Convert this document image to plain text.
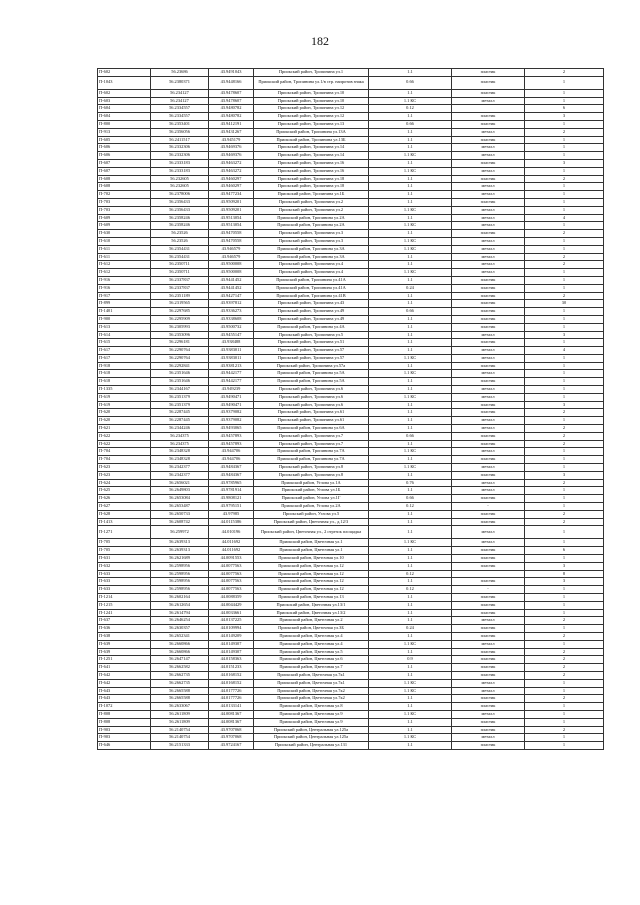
182
П-602	56.23686	43.9491043	Приокский район, Тропинина ул.1	1.1	пластик	2
П-1043	56.2380371	43.9448166	Приокский район, Тропинина ул.1/в стр. напротив знака	0.66	пластик	1
П-602	56.234127	43.9478607	Приокский район, Тропинина ул.10	1.1	пластик	1
П-603	56.234127	43.9478607	Приокский район, Тропинина ул.10	1.1 КС	металл	1
П-604	56.2334557	43.9480782	Приокский район, Тропинина ул.12	0.12		6
П-604	56.2334557	43.9480782	Приокский район, Тропинина ул.12	1.1	пластик	3
П-800	56.2353401	43.9412191	Приокский район, Тропинина ул.13	0.66	пластик	1
П-913	56.2356056	43.9431267	Приокский район, Тропинина ул.13А	1.1	металл	2
П-605	56.2411517	43.945179	Приокский район, Тропинина ул.13Б	1.1	пластик	1
П-606	56.2332306	43.9469376	Приокский район, Тропинина ул.14	1.1	металл	1
П-606	56.2332306	43.9469376	Приокский район, Тропинина ул.14	1.1 КС	металл	1
П-607	56.2333183	43.9463272	Приокский район, Тропинина ул.16	1.1	пластик	3
П-607	56.2333183	43.9463272	Приокский район, Тропинина ул.16	1.1 КС	металл	1
П-608	56.232605	43.9460297	Приокский район, Тропинина ул.18	1.1	пластик	2
П-608	56.232605	43.9460297	Приокский район, Тропинина ул.18	1.1	металл	1
П-702	56.2378006	43.9477234	Приокский район, Тропинина ул.1Б	1.1	металл	1
П-703	56.2356433	43.9509201	Приокский район, Тропинина ул.2	1.1	пластик	1
П-703	56.2356433	43.9509201	Приокский район, Тропинина ул.2	1.1 КС	металл	1
П-609	56.2358246	43.9513054	Приокский район, Тропинина ул.2А	1.1	металл	4
П-609	56.2358246	43.9513054	Приокский район, Тропинина ул.2А	1.1 КС	металл	1
П-630	56.23526	43.9470558	Приокский район, Тропинина ул.3	1.1	пластик	2
П-610	56.23526	43.9470558	Приокский район, Тропинина ул.3	1.1 КС	металл	1
П-611	56.2354431	43.946579	Приокский район, Тропинина ул.3А	1.1 КС	металл	1
П-611	56.2354431	43.946579	Приокский район, Тропинина ул.3А	1.1	металл	2
П-612	56.2350711	43.9500008	Приокский район, Тропинина ул.4	1.1	металл	2
П-612	56.2350711	43.9500008	Приокский район, Тропинина ул.4	1.1 КС	металл	1
П-916	56.2337837	43.9441452	Приокский район, Тропинина ул.41А	1.1	пластик	1
П-916	56.2337837	43.9441452	Приокский район, Тропинина ул.41А	0.24	пластик	1
П-917	56.2351189	43.9427147	Приокский район, Тропинина ул.41В	1.1	пластик	2
П-899	56.2319565	43.9397812	Приокский район, Тропинина ул.43	1.1	пластик	30
П-1401	56.2297685	43.9336273	Приокский район, Тропинина ул.49	0.66	пластик	1
П-900	56.2295909	43.9338608	Приокский район, Тропинина ул.49	1.1	пластик	1
П-613	56.2305993	43.9500732	Приокский район, Тропинина ул.4А	1.1	пластик	1
П-614	56.2353096	43.9455147	Приокский район, Тропинина ул.5	1.1	металл	3
П-615	56.2296181	43.938488	Приокский район, Тропинина ул.51	1.1	пластик	1
П-617	56.2290764	43.9383011	Приокский район, Тропинина ул.57	1.1	металл	4
П-617	56.2290764	43.9383011	Приокский район, Тропинина ул.57	1.1 КС	металл	1
П-918	56.2292841	43.9381213	Приокский район, Тропинина ул.57а	1.1	пластик	1
П-618	56.2351646	43.9442177	Приокский район, Тропинина ул.5А	1.1 КС	металл	1
П-618	56.2351646	43.9442177	Приокский район, Тропинина ул.5А	1.1	пластик	1
П-1335	56.2344167	43.949239	Приокский район, Тропинина ул.6	1.1	металл	1
П-619	56.2351379	43.9490471	Приокский район, Тропинина ул.6	1.1 КС	металл	1
П-619	56.2351379	43.9490471	Приокский район, Тропинина ул.6	1.1	пластик	3
П-620	56.2287445	43.9379082	Приокский район, Тропинина ул.61	1.1	пластик	2
П-620	56.2287445	43.9379082	Приокский район, Тропинина ул.61	1.1	металл	1
П-621	56.2344246	43.9493065	Приокский район, Тропинина ул.6А	1.1	металл	2
П-622	56.234375	43.9457893	Приокский район, Тропинина ул.7	0.66	пластик	2
П-622	56.234375	43.9457893	Приокский район, Тропинина ул.7	1.1	пластик	2
П-704	56.2348328	43.944706	Приокский район, Тропинина ул.7А	1.1 КС	металл	1
П-704	56.2348328	43.944706	Приокский район, Тропинина ул.7А	1.1	пластик	1
П-623	56.2342377	43.9484367	Приокский район, Тропинина ул.8	1.1 КС	металл	1
П-623	56.2342377	43.9484367	Приокский район, Тропинина ул.8	1.1	пластик	3
П-624	56.2656021	43.9785965	Приокский район, Углова ул.1А	0.76	металл	2
П-625	56.2649803	43.9781914	Приокский район, Углова ул.1Б	1.1	металл	1
П-626	56.2653084	43.9808121	Приокский район, Углова ул.1Г	0.66	пластик	1
П-627	56.2653487	43.9795151	Приокский район, Углова ул.2А	0.12	-	1
П-628	56.2650733	43.97985	Приокский район, Углова ул.5	1.1	пластик	2
П-1413	56.2608742	44.0115386	Приокский район, Цветочная ул., д.12/3	1.1	пластик	2
П-1271	56.259972	44.010196	Приокский район, Цветочная ул., 2 отрезок площадка	1.1	металл	1
П-705	56.2639313	44.011692	Приокский район, Цветочная ул.1	1.1 КС	металл	1
П-705	56.2639313	44.011692	Приокский район, Цветочная ул.1	1.1	пластик	6
П-631	56.2621689	44.0091553	Приокский район, Цветочная ул.10	1.1	пластик	1
П-632	56.2598956	44.0077563	Приокский район, Цветочная ул.12	1.1	пластик	3
П-633	56.2598956	44.0077563	Приокский район, Цветочная ул.12	0.12		8
П-633	56.2598956	44.0077563	Приокский район, Цветочная ул.12	1.1	пластик	3
П-633	56.2598956	44.0077563	Приокский район, Цветочная ул.12	0.12	-	1
П-1214	56.2602164	44.0088359	Приокский район, Цветочная ул.13	1.1	пластик	1
П-1215	56.2612654	44.0044429	Приокский район, Цветочная ул.13/1	1.1	пластик	1
П-1241	56.2614794	44.0033661	Приокский район, Цветочная ул.13/2	1.1	пластик	1
П-637	56.2646254	44.0137225	Приокский район, Цветочная ул.2	1.1	металл	2
П-636	56.2630357	44.0109994	Приокский район, Цветочная ул.3Б	0.24	пластик	1
П-638	56.2652341	44.0149209	Приокский район, Цветочная ул.4	1.1	пластик	2
П-639	56.2660866	44.0149307	Приокский район, Цветочная ул.4	1.1 КС	металл	1
П-639	56.2660866	44.0149307	Приокский район, Цветочная ул.5	1.1	пластик	2
П-1251	56.2647147	44.0158363	Приокский район, Цветочная ул.6	0.9	пластик	2
П-641	56.2662582	44.0151233	Приокский район, Цветочная ул.7	1.1	пластик	2
П-642	56.2662735	44.0168152	Приокский район, Цветочная ул.7к1	1.1	пластик	2
П-642	56.2662735	44.0168152	Приокский район, Цветочная ул.7к1	1.1 КС	металл	1
П-643	56.2665588	44.0177726	Приокский район, Цветочная ул.7к2	1.1 КС	металл	1
П-643	56.2665588	44.0177726	Приокский район, Цветочная ул.7к2	1.1	пластик	2
П-1072	56.2633067	44.0133141	Приокский район, Цветочная ул.8	1.1	пластик	1
П-808	56.2611809	44.0081367	Приокский район, Цветочная ул.9	1.1 КС	металл	1
П-808	56.2611809	44.0081367	Приокский район, Цветочная ул.9	1.1	пластик	1
П-903	56.2140754	43.9707068	Приокский район, Центральная ул.125а	1.1	пластик	2
П-903	56.2140754	43.9707068	Приокский район, Центральная ул.125а	1.1 КС	металл	1
П-646	56.2151333	43.9724167	Приокский район, Центральная ул.131	1.1	пластик	1
